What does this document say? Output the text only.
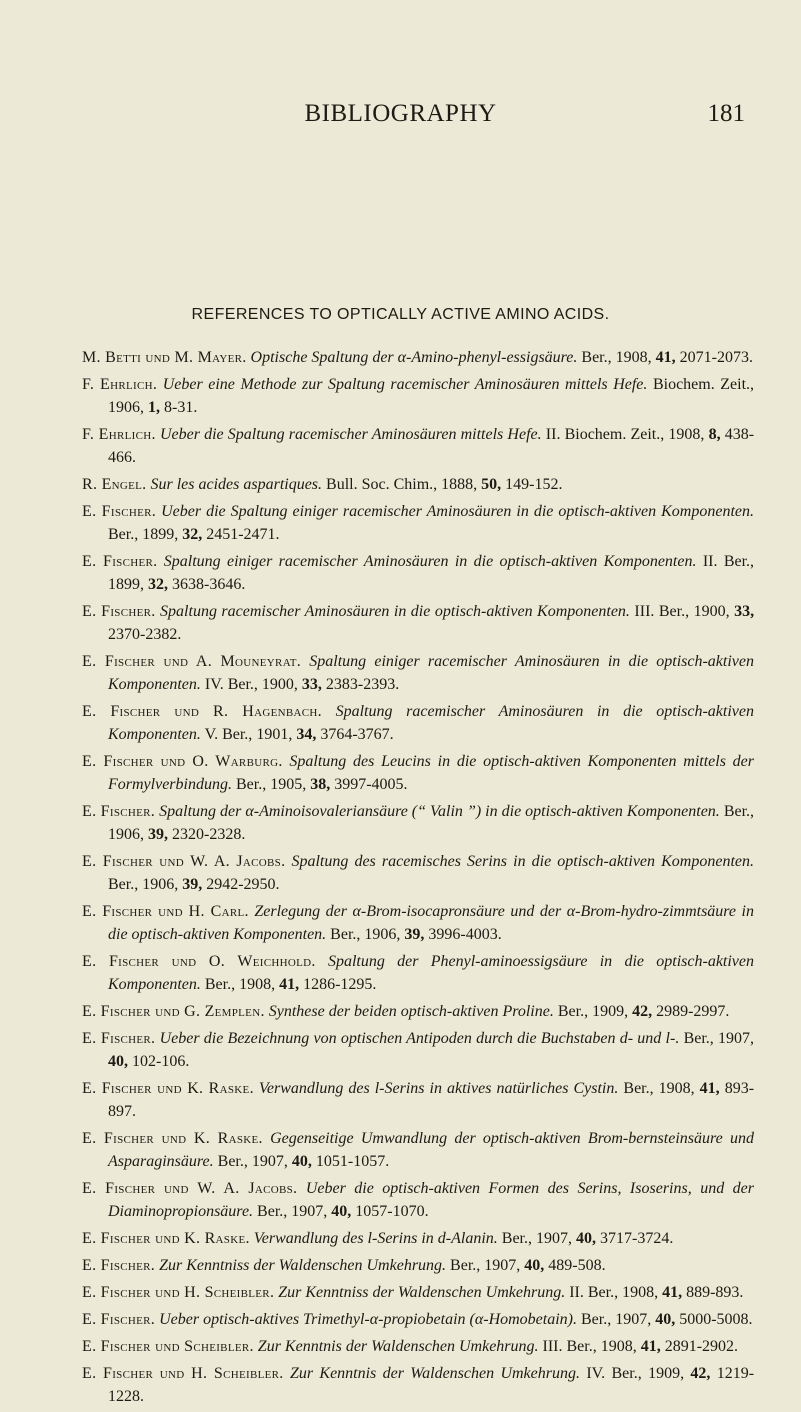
BIBLIOGRAPHY	181
REFERENCES TO OPTICALLY ACTIVE AMINO ACIDS.
M. Betti und M. Mayer. Optische Spaltung der α-Amino-phenyl-essigsäure. Ber., 1908, 41, 2071-2073.
F. Ehrlich. Ueber eine Methode zur Spaltung racemischer Aminosäuren mittels Hefe. Biochem. Zeit., 1906, 1, 8-31.
F. Ehrlich. Ueber die Spaltung racemischer Aminosäuren mittels Hefe. II. Biochem. Zeit., 1908, 8, 438-466.
R. Engel. Sur les acides aspartiques. Bull. Soc. Chim., 1888, 50, 149-152.
E. Fischer. Ueber die Spaltung einiger racemischer Aminosäuren in die optisch-aktiven Komponenten. Ber., 1899, 32, 2451-2471.
E. Fischer. Spaltung einiger racemischer Aminosäuren in die optisch-aktiven Komponenten. II. Ber., 1899, 32, 3638-3646.
E. Fischer. Spaltung racemischer Aminosäuren in die optisch-aktiven Komponenten. III. Ber., 1900, 33, 2370-2382.
E. Fischer und A. Mouneyrat. Spaltung einiger racemischer Aminosäuren in die optisch-aktiven Komponenten. IV. Ber., 1900, 33, 2383-2393.
E. Fischer und R. Hagenbach. Spaltung racemischer Aminosäuren in die optisch-aktiven Komponenten. V. Ber., 1901, 34, 3764-3767.
E. Fischer und O. Warburg. Spaltung des Leucins in die optisch-aktiven Komponenten mittels der Formylverbindung. Ber., 1905, 38, 3997-4005.
E. Fischer. Spaltung der α-Aminoisovaleriansäure (“ Valin ”) in die optisch-aktiven Komponenten. Ber., 1906, 39, 2320-2328.
E. Fischer und W. A. Jacobs. Spaltung des racemisches Serins in die optisch-aktiven Komponenten. Ber., 1906, 39, 2942-2950.
E. Fischer und H. Carl. Zerlegung der α-Brom-isocapronsäure und der α-Brom-hydro-zimmtsäure in die optisch-aktiven Komponenten. Ber., 1906, 39, 3996-4003.
E. Fischer und O. Weichhold. Spaltung der Phenyl-aminoessigsäure in die optisch-aktiven Komponenten. Ber., 1908, 41, 1286-1295.
E. Fischer und G. Zemplen. Synthese der beiden optisch-aktiven Proline. Ber., 1909, 42, 2989-2997.
E. Fischer. Ueber die Bezeichnung von optischen Antipoden durch die Buchstaben d- und l-. Ber., 1907, 40, 102-106.
E. Fischer und K. Raske. Verwandlung des l-Serins in aktives natürliches Cystin. Ber., 1908, 41, 893-897.
E. Fischer und K. Raske. Gegenseitige Umwandlung der optisch-aktiven Brom-bernsteinsäure und Asparaginsäure. Ber., 1907, 40, 1051-1057.
E. Fischer und W. A. Jacobs. Ueber die optisch-aktiven Formen des Serins, Isoserins, und der Diaminopropionsäure. Ber., 1907, 40, 1057-1070.
E. Fischer und K. Raske. Verwandlung des l-Serins in d-Alanin. Ber., 1907, 40, 3717-3724.
E. Fischer. Zur Kenntniss der Waldenschen Umkehrung. Ber., 1907, 40, 489-508.
E. Fischer und H. Scheibler. Zur Kenntniss der Waldenschen Umkehrung. II. Ber., 1908, 41, 889-893.
E. Fischer. Ueber optisch-aktives Trimethyl-α-propiobetain (α-Homobetain). Ber., 1907, 40, 5000-5008.
E. Fischer und Scheibler. Zur Kenntnis der Waldenschen Umkehrung. III. Ber., 1908, 41, 2891-2902.
E. Fischer und H. Scheibler. Zur Kenntnis der Waldenschen Umkehrung. IV. Ber., 1909, 42, 1219-1228.
